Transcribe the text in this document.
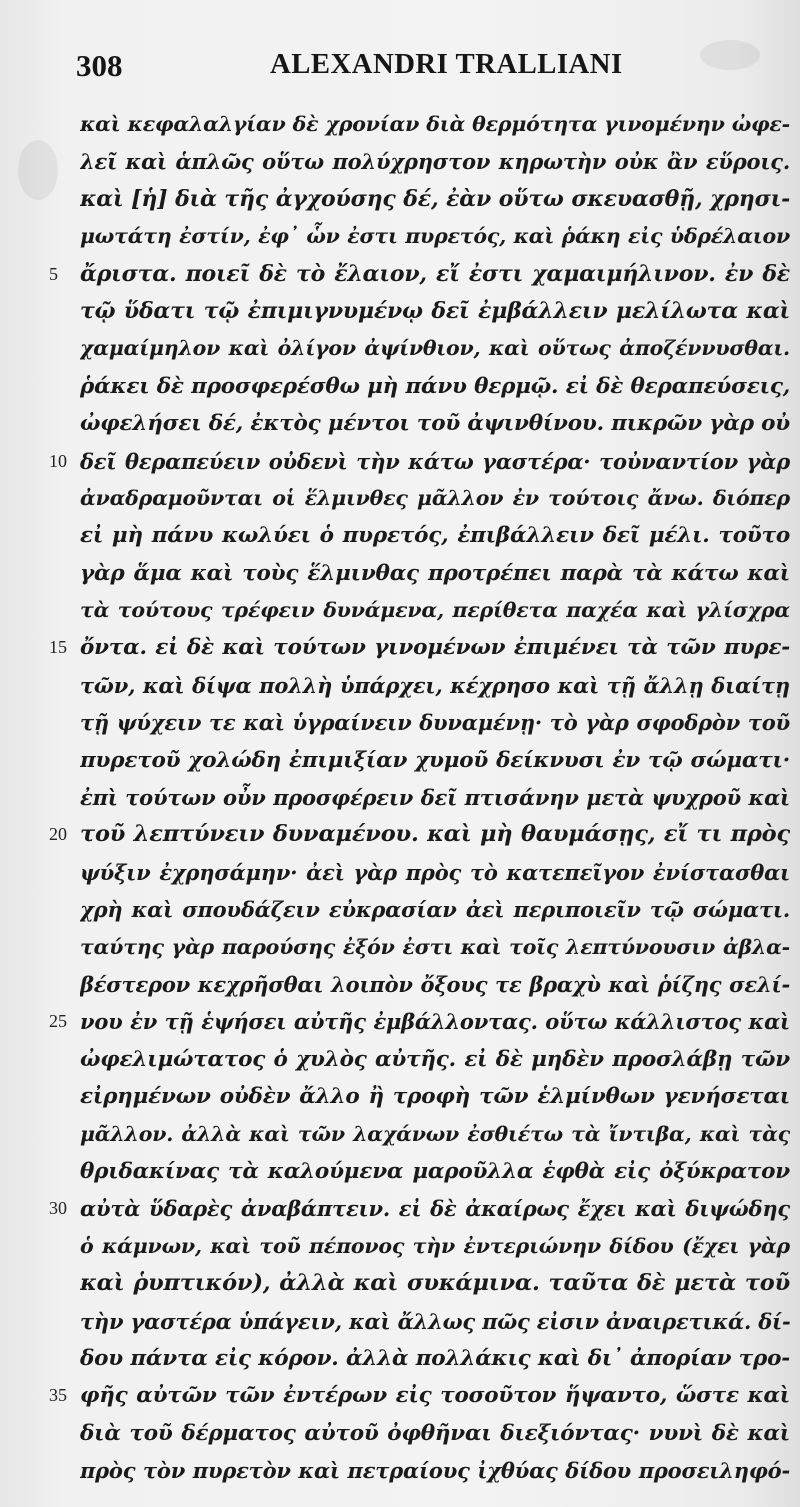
308	ALEXANDRI TRALLIANI
καὶ κεφαλαλγίαν δὲ χρονίαν διὰ θερμότητα γινομένην ὠφε-
λεῖ καὶ ἁπλῶς οὕτω πολύχρηστον κηρωτὴν οὐκ ἂν εὕροις.
καὶ [ἡ] διὰ τῆς ἀγχούσης δέ, ἐὰν οὕτω σκευασθῇ, χρησι-
μωτάτη ἐστίν, ἐφ᾽ ὧν ἐστι πυρετός, καὶ ῥάκη εἰς ὑδρέλαιον
5 ἄριστα. ποιεῖ δὲ τὸ ἔλαιον, εἴ ἐστι χαμαιμήλινον. ἐν δὲ
τῷ ὕδατι τῷ ἐπιμιγνυμένῳ δεῖ ἐμβάλλειν μελίλωτα καὶ
χαμαίμηλον καὶ ὀλίγον ἀψίνθιον, καὶ οὕτως ἀποζέννυσθαι.
ῥάκει δὲ προσφερέσθω μὴ πάνυ θερμῷ. εἰ δὲ θεραπεύσεις,
ὠφελήσει δέ, ἐκτὸς μέντοι τοῦ ἀψινθίνου. πικρῶν γὰρ οὐ
10 δεῖ θεραπεύειν οὐδενὶ τὴν κάτω γαστέρα· τοὐναντίον γὰρ
ἀναδραμοῦνται οἱ ἕλμινθες μᾶλλον ἐν τούτοις ἄνω. διόπερ
εἰ μὴ πάνυ κωλύει ὁ πυρετός, ἐπιβάλλειν δεῖ μέλι. τοῦτο
γὰρ ἅμα καὶ τοὺς ἕλμινθας προτρέπει παρὰ τὰ κάτω καὶ
τὰ τούτους τρέφειν δυνάμενα, περίθετα παχέα καὶ γλίσχρα
15 ὄντα. εἰ δὲ καὶ τούτων γινομένων ἐπιμένει τὰ τῶν πυρε-
τῶν, καὶ δίψα πολλὴ ὑπάρχει, κέχρησο καὶ τῇ ἄλλῃ διαίτῃ
τῇ ψύχειν τε καὶ ὑγραίνειν δυναμένῃ· τὸ γὰρ σφοδρὸν τοῦ
πυρετοῦ χολώδη ἐπιμιξίαν χυμοῦ δείκνυσι ἐν τῷ σώματι·
ἐπὶ τούτων οὖν προσφέρειν δεῖ πτισάνην μετὰ ψυχροῦ καὶ
20 τοῦ λεπτύνειν δυναμένου. καὶ μὴ θαυμάσῃς, εἴ τι πρὸς
ψύξιν ἐχρησάμην· ἀεὶ γὰρ πρὸς τὸ κατεπεῖγον ἐνίστασθαι
χρὴ καὶ σπουδάζειν εὐκρασίαν ἀεὶ περιποιεῖν τῷ σώματι.
ταύτης γὰρ παρούσης ἐξόν ἐστι καὶ τοῖς λεπτύνουσιν ἀβλα-
βέστερον κεχρῆσθαι λοιπὸν ὄξους τε βραχὺ καὶ ῥίζης σελί-
25 νου ἐν τῇ ἑψήσει αὐτῆς ἐμβάλλοντας. οὕτω κάλλιστος καὶ
ὠφελιμώτατος ὁ χυλὸς αὐτῆς. εἰ δὲ μηδὲν προσλάβῃ τῶν
εἰρημένων οὐδὲν ἄλλο ἢ τροφὴ τῶν ἑλμίνθων γενήσεται
μᾶλλον. ἀλλὰ καὶ τῶν λαχάνων ἐσθιέτω τὰ ἴντιβα, καὶ τὰς
θριδακίνας τὰ καλούμενα μαροῦλλα ἑφθὰ εἰς ὀξύκρατον
30 αὐτὰ ὕδαρὲς ἀναβάπτειν. εἰ δὲ ἀκαίρως ἔχει καὶ διψώδης
ὁ κάμνων, καὶ τοῦ πέπονος τὴν ἐντεριώνην δίδου (ἔχει γὰρ
καὶ ῥυπτικόν), ἀλλὰ καὶ συκάμινα. ταῦτα δὲ μετὰ τοῦ
τὴν γαστέρα ὑπάγειν, καὶ ἄλλως πῶς εἰσιν ἀναιρετικά. δί-
δου πάντα εἰς κόρον. ἀλλὰ πολλάκις καὶ δι᾽ ἀπορίαν τρο-
35 φῆς αὐτῶν τῶν ἐντέρων εἰς τοσοῦτον ἥψαντο, ὥστε καὶ
διὰ τοῦ δέρματος αὐτοῦ ὀφθῆναι διεξιόντας· νυνὶ δὲ καὶ
πρὸς τὸν πυρετὸν καὶ πετραίους ἰχθύας δίδου προσειληφό-
